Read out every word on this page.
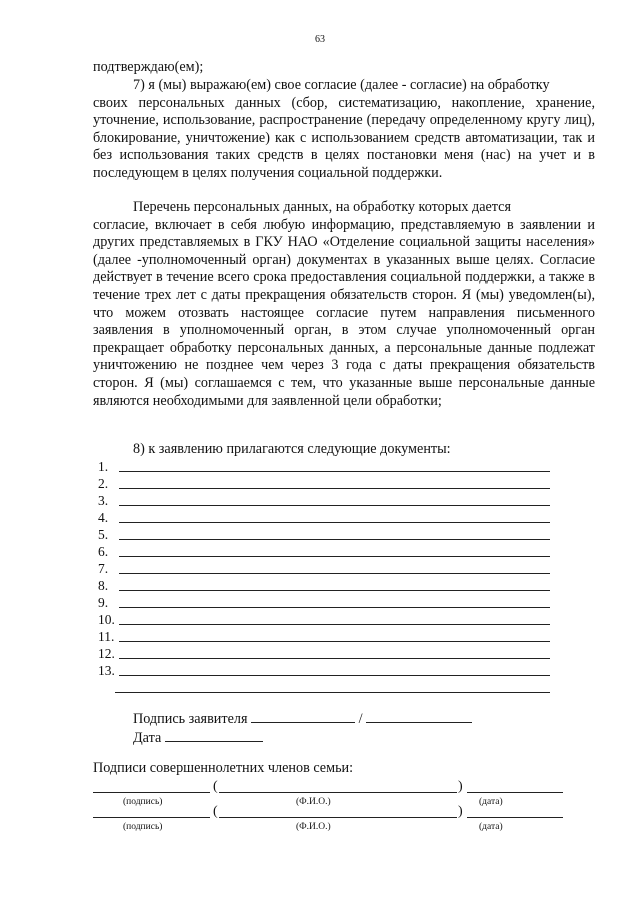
63
подтверждаю(ем);
7) я (мы) выражаю(ем) свое согласие (далее - согласие) на обработку
своих персональных данных (сбор, систематизацию, накопление, хранение, уточнение, использование, распространение (передачу определенному кругу лиц), блокирование, уничтожение) как с использованием средств автоматизации, так и без использования таких средств в целях постановки меня (нас) на учет и в последующем в целях получения социальной поддержки.
Перечень персональных данных, на обработку которых дается
согласие, включает в себя любую информацию, представляемую в заявлении и других представляемых в ГКУ НАО «Отделение социальной защиты населения» (далее -уполномоченный орган) документах в указанных выше целях. Согласие действует в течение всего срока предоставления социальной поддержки, а также в течение трех лет с даты прекращения обязательств сторон. Я (мы) уведомлен(ы), что можем отозвать настоящее согласие путем направления письменного заявления в уполномоченный орган, в этом случае уполномоченный орган прекращает обработку персональных данных, а персональные данные подлежат уничтожению не позднее чем через 3 года с даты прекращения обязательств сторон. Я (мы) соглашаемся с тем, что указанные выше персональные данные являются необходимыми для заявленной цели обработки;
8) к заявлению прилагаются следующие документы:
1.
2.
3.
4.
5.
6.
7.
8.
9.
10.
11.
12.
13.
Подпись заявителя	/
Дата
Подписи совершеннолетних членов семьи:
(	)
(подпись)	(Ф.И.О.)	(дата)
(	)
(подпись)	(Ф.И.О.)	(дата)
